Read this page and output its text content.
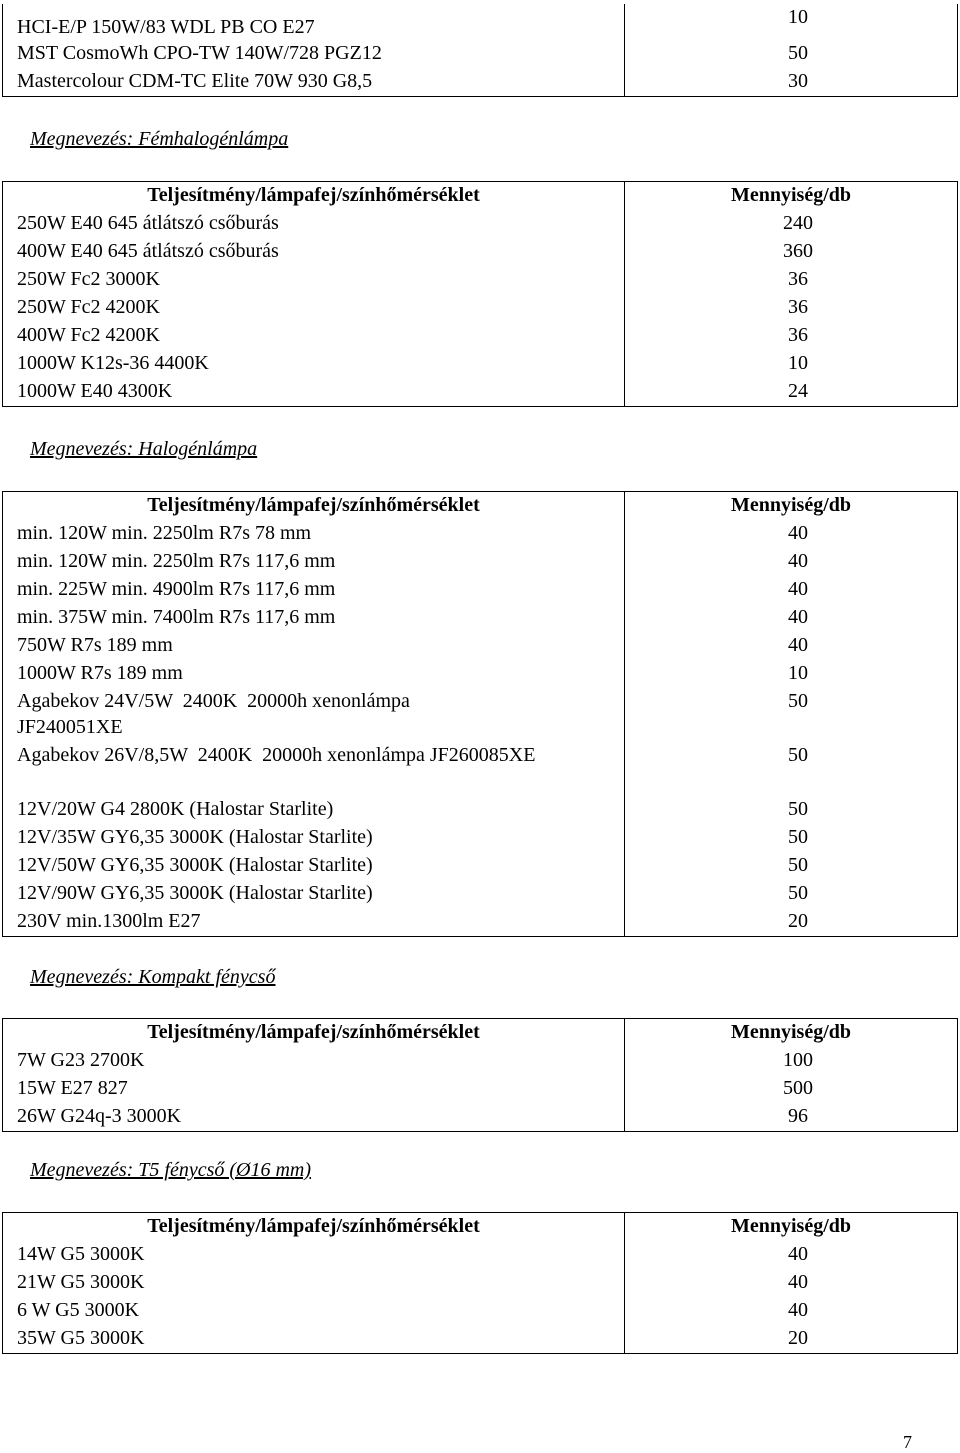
HCI-E/P 150W/83 WDL PB CO E27	10
MST CosmoWh CPO-TW 140W/728 PGZ12	50
Mastercolour CDM-TC Elite 70W 930 G8,5	30
Megnevezés: Fémhalogénlámpa
Teljesítmény/lámpafej/színhőmérséklet	Mennyiség/db
250W E40 645 átlátszó csőburás	240
400W E40 645 átlátszó csőburás	360
250W Fc2 3000K	36
250W Fc2 4200K	36
400W Fc2 4200K	36
1000W K12s-36 4400K	10
1000W E40 4300K	24
Megnevezés: Halogénlámpa
Teljesítmény/lámpafej/színhőmérséklet	Mennyiség/db
min. 120W min. 2250lm R7s 78 mm	40
min. 120W min. 2250lm R7s 117,6 mm	40
min. 225W min. 4900lm R7s 117,6 mm	40
min. 375W min. 7400lm R7s 117,6 mm	40
750W R7s 189 mm	40
1000W R7s 189 mm	10
Agabekov 24V/5W  2400K  20000h xenonlámpa JF240051XE	50
Agabekov 26V/8,5W  2400K  20000h xenonlámpa JF260085XE	50
12V/20W G4 2800K (Halostar Starlite)	50
12V/35W GY6,35 3000K (Halostar Starlite)	50
12V/50W GY6,35 3000K (Halostar Starlite)	50
12V/90W GY6,35 3000K (Halostar Starlite)	50
230V min.1300lm E27	20
Megnevezés: Kompakt fénycső
Teljesítmény/lámpafej/színhőmérséklet	Mennyiség/db
7W G23 2700K	100
15W E27 827	500
26W G24q-3 3000K	96
Megnevezés: T5 fénycső (Ø16 mm)
Teljesítmény/lámpafej/színhőmérséklet	Mennyiség/db
14W G5 3000K	40
21W G5 3000K	40
6 W G5 3000K	40
35W G5 3000K	20
7
